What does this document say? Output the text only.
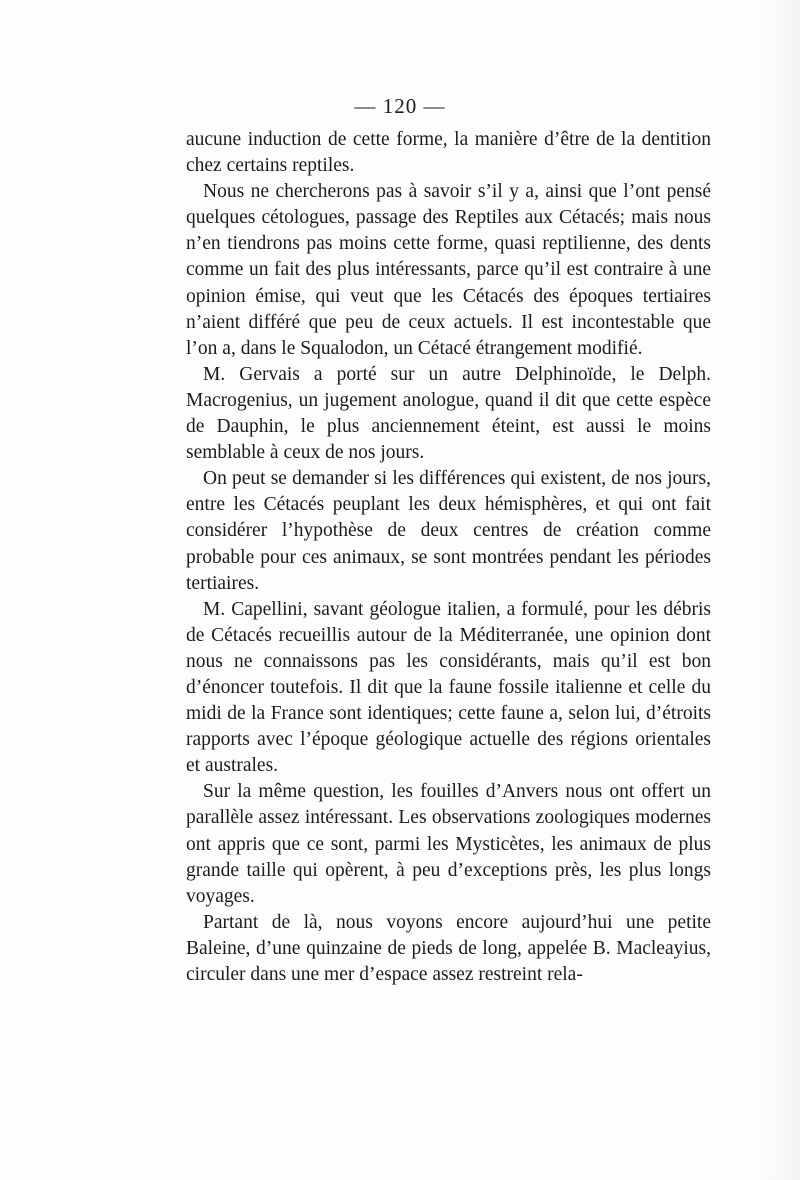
— 120 —

aucune induction de cette forme, la manière d’être de la dentition chez certains reptiles.

Nous ne chercherons pas à savoir s’il y a, ainsi que l’ont pensé quelques cétologues, passage des Reptiles aux Cétacés; mais nous n’en tiendrons pas moins cette forme, quasi reptilienne, des dents comme un fait des plus intéressants, parce qu’il est contraire à une opinion émise, qui veut que les Cétacés des époques tertiaires n’aient différé que peu de ceux actuels. Il est incontestable que l’on a, dans le Squalodon, un Cétacé étrangement modifié.

M. Gervais a porté sur un autre Delphinoïde, le Delph. Macrogenius, un jugement anologue, quand il dit que cette espèce de Dauphin, le plus anciennement éteint, est aussi le moins semblable à ceux de nos jours.

On peut se demander si les différences qui existent, de nos jours, entre les Cétacés peuplant les deux hémisphères, et qui ont fait considérer l’hypothèse de deux centres de création comme probable pour ces animaux, se sont montrées pendant les périodes tertiaires.

M. Capellini, savant géologue italien, a formulé, pour les débris de Cétacés recueillis autour de la Méditerranée, une opinion dont nous ne connaissons pas les considérants, mais qu’il est bon d’énoncer toutefois. Il dit que la faune fossile italienne et celle du midi de la France sont identiques; cette faune a, selon lui, d’étroits rapports avec l’époque géologique actuelle des régions orientales et australes.

Sur la même question, les fouilles d’Anvers nous ont offert un parallèle assez intéressant. Les observations zoologiques modernes ont appris que ce sont, parmi les Mysticètes, les animaux de plus grande taille qui opèrent, à peu d’exceptions près, les plus longs voyages.

Partant de là, nous voyons encore aujourd’hui une petite Baleine, d’une quinzaine de pieds de long, appelée B. Macleayius, circuler dans une mer d’espace assez restreint rela-
